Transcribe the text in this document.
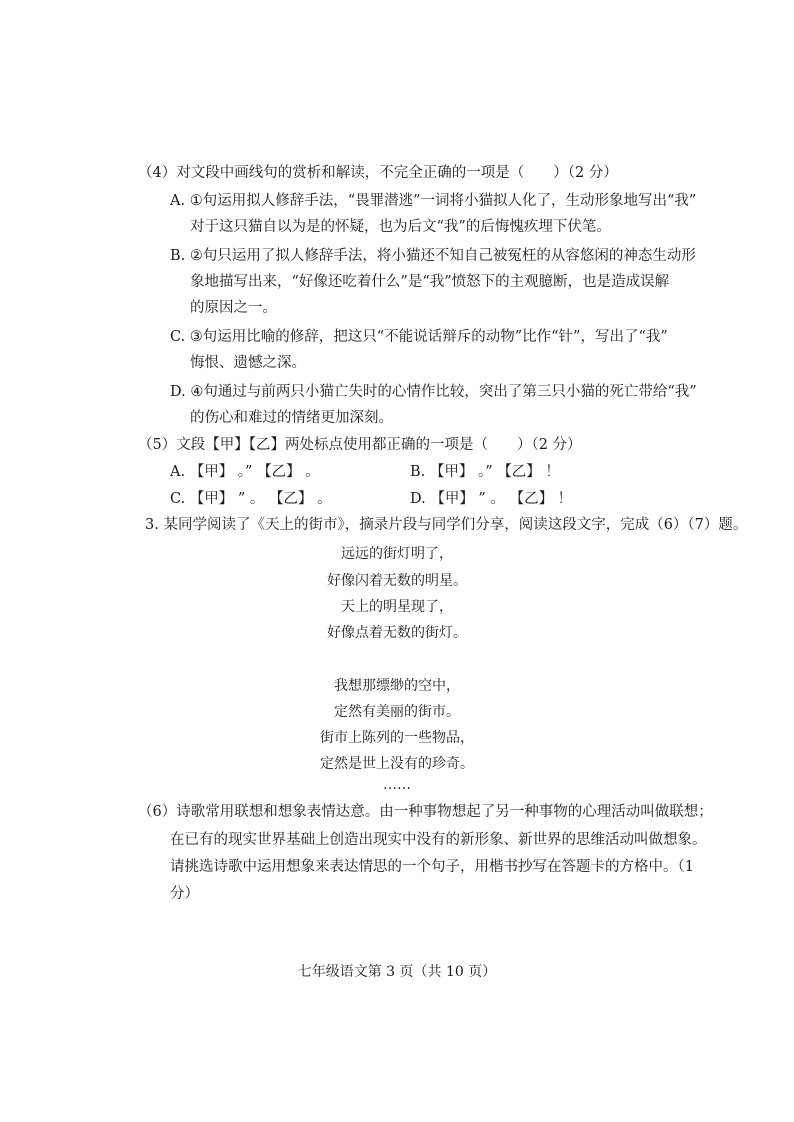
（4）对文段中画线句的赏析和解读，不完全正确的一项是（　　）（2 分）
A. ①句运用拟人修辞手法，“畏罪潜逃”一词将小猫拟人化了，生动形象地写出“我”
对于这只猫自以为是的怀疑，也为后文“我”的后悔愧疚埋下伏笔。
B. ②句只运用了拟人修辞手法，将小猫还不知自己被冤枉的从容悠闲的神态生动形
象地描写出来，“好像还吃着什么”是“我”愤怒下的主观臆断，也是造成误解
的原因之一。
C. ③句运用比喻的修辞，把这只“不能说话辩斥的动物”比作“针”，写出了“我”
悔恨、遗憾之深。
D. ④句通过与前两只小猫亡失时的心情作比较，突出了第三只小猫的死亡带给“我”
的伤心和难过的情绪更加深刻。
（5）文段【甲】【乙】两处标点使用都正确的一项是（　　）（2 分）
A. 【甲】 。” 【乙】 。	B. 【甲】 。” 【乙】 ！
C. 【甲】 ” 。 【乙】 。	D. 【甲】 ” 。 【乙】 ！
3. 某同学阅读了《天上的街市》，摘录片段与同学们分享，阅读这段文字，完成（6）（7）题。
远远的街灯明了，
好像闪着无数的明星。
天上的明星现了，
好像点着无数的街灯。
我想那缥缈的空中，
定然有美丽的街市。
街市上陈列的一些物品，
定然是世上没有的珍奇。
……
（6）诗歌常用联想和想象表情达意。由一种事物想起了另一种事物的心理活动叫做联想；
在已有的现实世界基础上创造出现实中没有的新形象、新世界的思维活动叫做想象。
请挑选诗歌中运用想象来表达情思的一个句子，用楷书抄写在答题卡的方格中。（1
分）
七年级语文第 3 页（共 10 页）
